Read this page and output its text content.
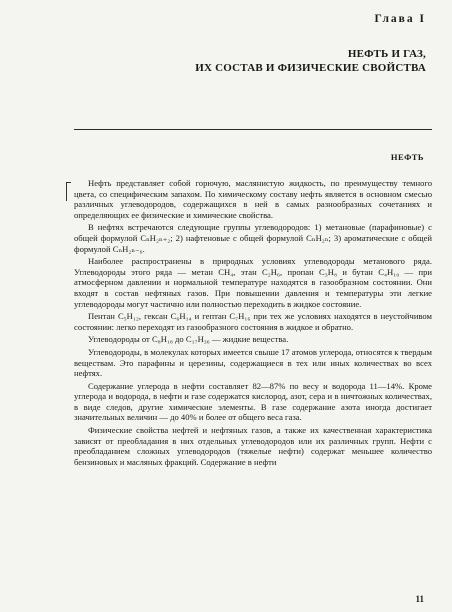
Глава I
НЕФТЬ И ГАЗ,
ИХ СОСТАВ И ФИЗИЧЕСКИЕ СВОЙСТВА
НЕФТЬ

Нефть представляет собой горючую, маслянистую жидкость, по преимуществу темного цвета, со специфическим запахом. По химическому составу нефть является в основном смесью различных углеводородов, содержащихся в ней в самых разнообразных сочетаниях и определяющих ее физические и химические свойства.

В нефтях встречаются следующие группы углеводородов: 1) метановые (парафиновые) с общей формулой CₙH₂ₙ₊₂; 2) нафтеновые с общей формулой CₙH₂ₙ; 3) ароматические с общей формулой CₙH₂ₙ₋₆.

Наиболее распространены в природных условиях углеводороды метанового ряда. Углеводороды этого ряда — метан CH₄, этан C₂H₆, пропан C₃H₈ и бутан C₄H₁₀ — при атмосферном давлении и нормальной температуре находятся в газообразном состоянии. Они входят в состав нефтяных газов. При повышении давления и температуры эти легкие углеводороды могут частично или полностью переходить в жидкое состояние.

Пентан C₅H₁₂, гексан C₆H₁₄ и гептан C₇H₁₆ при тех же условиях находятся в неустойчивом состоянии: легко переходят из газообразного состояния в жидкое и обратно.

Углеводороды от C₈H₁₈ до C₁₇H₃₆ — жидкие вещества.

Углеводороды, в молекулах которых имеется свыше 17 атомов углерода, относятся к твердым веществам. Это парафины и церезины, содержащиеся в тех или иных количествах во всех нефтях.

Содержание углерода в нефти составляет 82—87% по весу и водорода 11—14%. Кроме углерода и водорода, в нефти и газе содержатся кислород, азот, сера и в ничтожных количествах, в виде следов, другие химические элементы. В газе содержание азота иногда достигает значительных величин — до 40% и более от общего веса газа.

Физические свойства нефтей и нефтяных газов, а также их качественная характеристика зависят от преобладания в них отдельных углеводородов или их различных групп. Нефти с преобладанием сложных углеводородов (тяжелые нефти) содержат меньшее количество бензиновых и масляных фракций. Содержание в нефти

11
